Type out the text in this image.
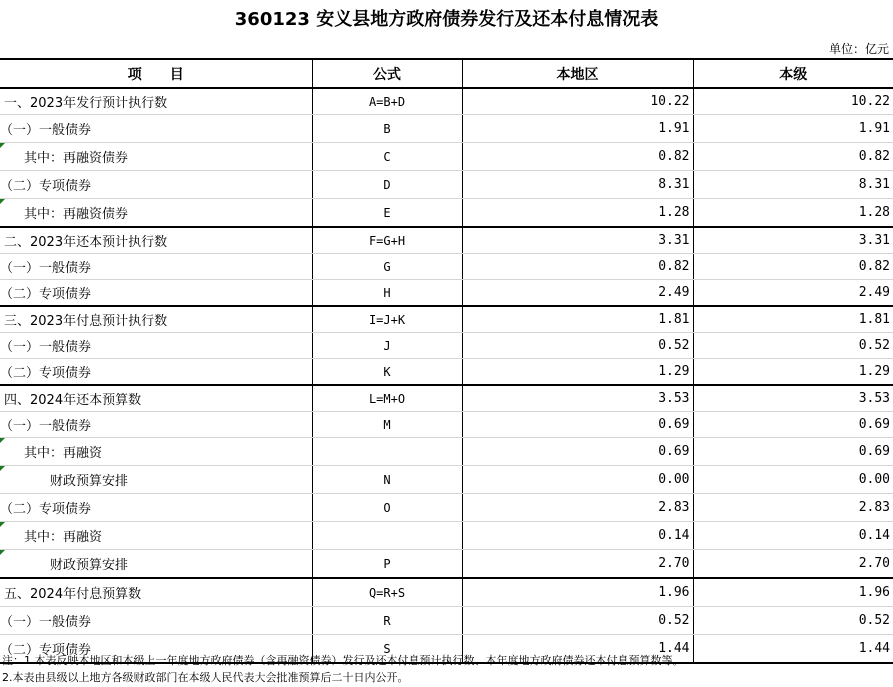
360123 安义县地方政府债券发行及还本付息情况表
单位：亿元
项　　目	公式	本地区	本级
一、2023年发行预计执行数	A=B+D	10.22	10.22
（一）一般债券	B	1.91	1.91

其中：再融资债券	C	0.82	0.82
（二）专项债券	D	8.31	8.31

其中：再融资债券	E	1.28	1.28
二、2023年还本预计执行数	F=G+H	3.31	3.31
（一）一般债券	G	0.82	0.82
（二）专项债券	H	2.49	2.49
三、2023年付息预计执行数	I=J+K	1.81	1.81
（一）一般债券	J	0.52	0.52
（二）专项债券	K	1.29	1.29
四、2024年还本预算数	L=M+O	3.53	3.53
（一）一般债券	M	0.69	0.69

其中：再融资		0.69	0.69

财政预算安排	N	0.00	0.00
（二）专项债券	O	2.83	2.83

其中：再融资		0.14	0.14

财政预算安排	P	2.70	2.70
五、2024年付息预算数	Q=R+S	1.96	1.96
（一）一般债券	R	0.52	0.52
（二）专项债券	S	1.44	1.44
注：1.本表反映本地区和本级上一年度地方政府债券（含再融资债券）发行及还本付息预计执行数、本年度地方政府债券还本付息预算数等。
2.本表由县级以上地方各级财政部门在本级人民代表大会批准预算后二十日内公开。
